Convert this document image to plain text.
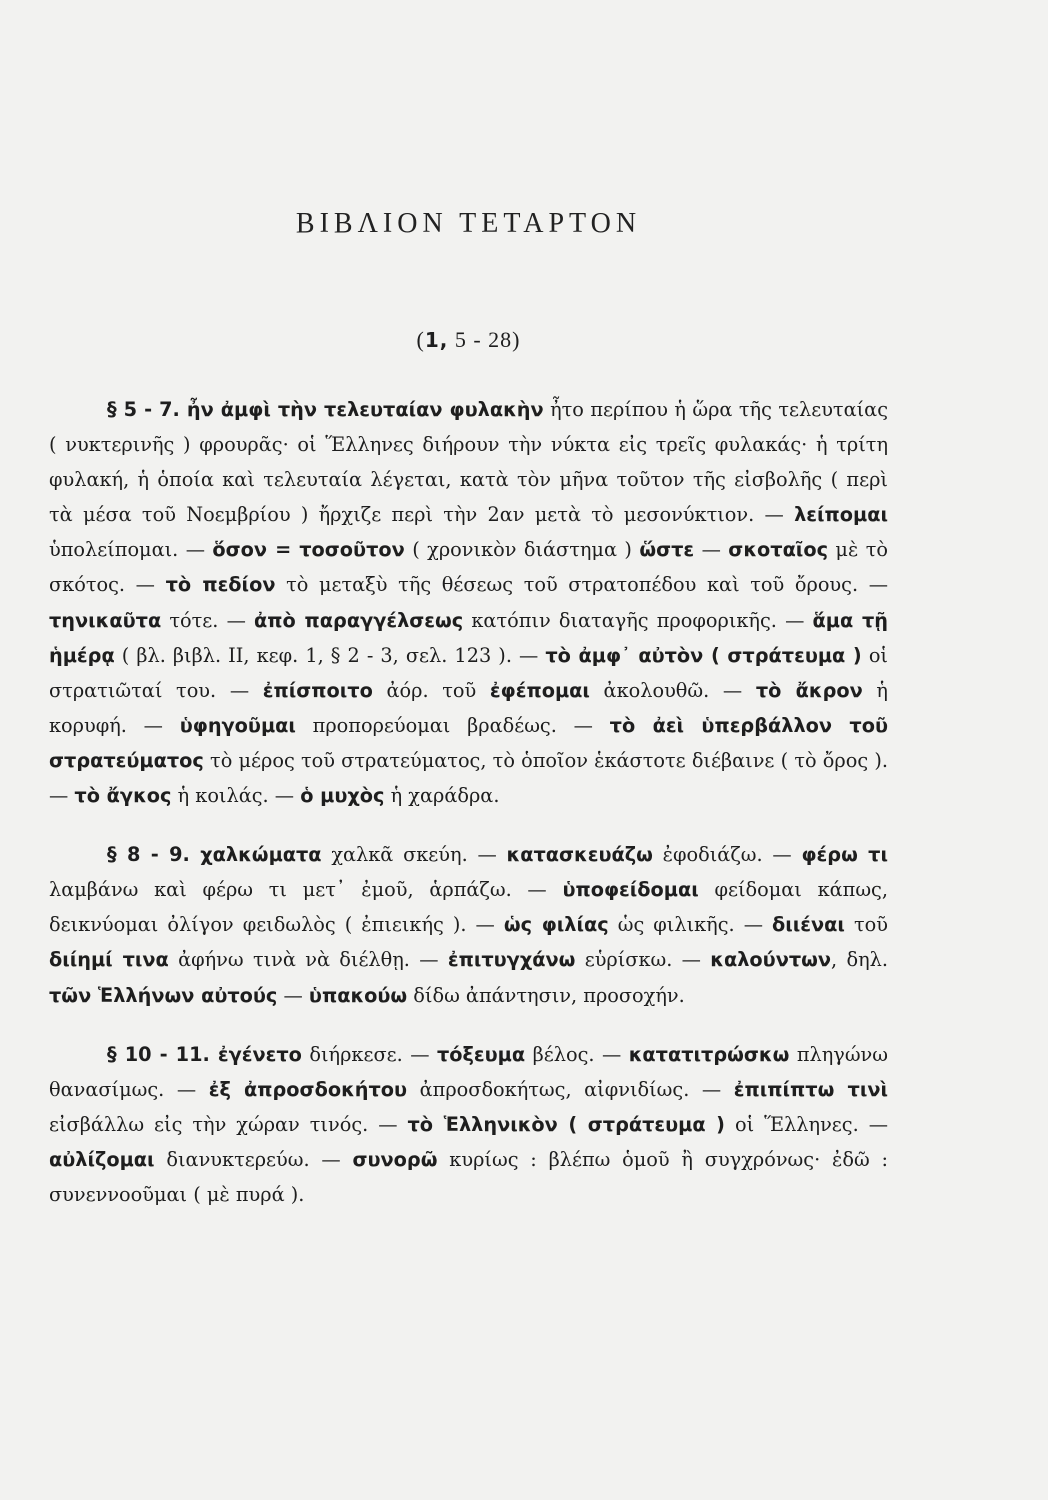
ΒΙΒΛΙΟΝ ΤΕΤΑΡΤΟΝ
(1, 5 - 28)

§ 5 - 7. ἦν ἀμφὶ τὴν τελευταίαν φυλακὴν ἦτο περίπου ἡ ὥρα τῆς τελευταίας ( νυκτερινῆς ) φρουρᾶς· οἱ Ἕλληνες διήρουν τὴν νύκτα εἰς τρεῖς φυλακάς· ἡ τρίτη φυλακή, ἡ ὁποία καὶ τελευταία λέγεται, κατὰ τὸν μῆνα τοῦτον τῆς εἰσβολῆς ( περὶ τὰ μέσα τοῦ Νοεμβρίου ) ἤρχιζε περὶ τὴν 2αν μετὰ τὸ μεσονύκτιον. — λείπομαι ὑπολείπομαι. — ὅσον = τοσοῦτον ( χρονικὸν διάστημα ) ὥστε — σκοταῖος μὲ τὸ σκότος. — τὸ πεδίον τὸ μεταξὺ τῆς θέσεως τοῦ στρατοπέδου καὶ τοῦ ὄρους. — τηνικαῦτα τότε. — ἀπὸ παραγγέλσεως κατόπιν διαταγῆς προφορικῆς. — ἅμα τῇ ἡμέρᾳ ( βλ. βιβλ. II, κεφ. 1, § 2 - 3, σελ. 123 ). — τὸ ἀμφ᾿ αὐτὸν ( στράτευμα ) οἱ στρατιῶταί του. — ἐπίσποιτο ἀόρ. τοῦ ἐφέπομαι ἀκολουθῶ. — τὸ ἄκρον ἡ κορυφή. — ὑφηγοῦμαι προπορεύομαι βραδέως. — τὸ ἀεὶ ὑπερβάλλον τοῦ στρατεύματος τὸ μέρος τοῦ στρατεύματος, τὸ ὁποῖον ἑκάστοτε διέβαινε ( τὸ ὄρος ). — τὸ ἄγκος ἡ κοιλάς. — ὁ μυχὸς ἡ χαράδρα.

§ 8 - 9. χαλκώματα χαλκᾶ σκεύη. — κατασκευάζω ἐφοδιάζω. — φέρω τι λαμβάνω καὶ φέρω τι μετ᾿ ἐμοῦ, ἁρπάζω. — ὑποφείδομαι φείδομαι κάπως, δεικνύομαι ὀλίγον φειδωλὸς ( ἐπιεικής ). — ὡς φιλίας ὡς φιλικῆς. — διιέναι τοῦ διίημί τινα ἀφήνω τινὰ νὰ διέλθῃ. — ἐπιτυγχάνω εὑρίσκω. — καλούντων, δηλ. τῶν Ἑλλήνων αὐτούς — ὑπακούω δίδω ἀπάντησιν, προσοχήν.

§ 10 - 11. ἐγένετο διήρκεσε. — τόξευμα βέλος. — κατατιτρώσκω πληγώνω θανασίμως. — ἐξ ἀπροσδοκήτου ἀπροσδοκήτως, αἰφνιδίως. — ἐπιπίπτω τινὶ εἰσβάλλω εἰς τὴν χώραν τινός. — τὸ Ἑλληνικὸν ( στράτευμα ) οἱ Ἕλληνες. — αὐλίζομαι διανυκτερεύω. — συνορῶ κυρίως : βλέπω ὁμοῦ ἢ συγχρόνως· ἐδῶ : συνεννοοῦμαι ( μὲ πυρά ).
